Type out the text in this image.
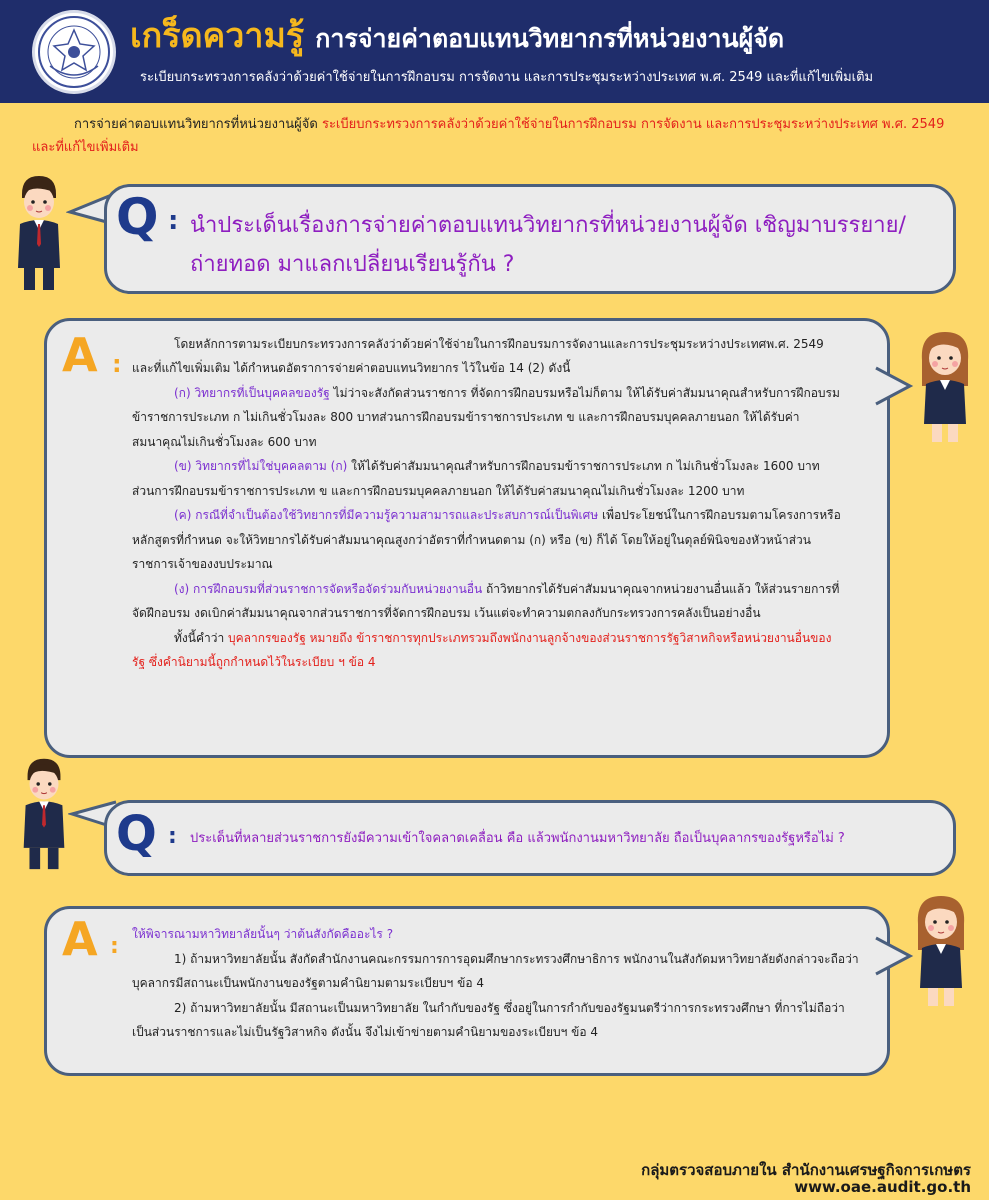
เกร็ดความรู้ การจ่ายค่าตอบแทนวิทยากรที่หน่วยงานผู้จัด
ระเบียบกระทรวงการคลังว่าด้วยค่าใช้จ่ายในการฝึกอบรม การจัดงาน และการประชุมระหว่างประเทศ พ.ศ. 2549 และที่แก้ไขเพิ่มเติม
การจ่ายค่าตอบแทนวิทยากรที่หน่วยงานผู้จัด ระเบียบกระทรวงการคลังว่าด้วยค่าใช้จ่ายในการฝึกอบรม การจัดงาน และการประชุมระหว่างประเทศ พ.ศ. 2549 และที่แก้ไขเพิ่มเติม
Q : นำประเด็นเรื่องการจ่ายค่าตอบแทนวิทยากรที่หน่วยงานผู้จัด เชิญมาบรรยาย/ถ่ายทอด มาแลกเปลี่ยนเรียนรู้กัน ?
A :

โดยหลักการตามระเบียบกระทรวงการคลังว่าด้วยค่าใช้จ่ายในการฝึกอบรมการจัดงานและการประชุมระหว่างประเทศพ.ศ. 2549 และที่แก้ไขเพิ่มเติม ได้กำหนดอัตราการจ่ายค่าตอบแทนวิทยากร ไว้ในข้อ 14 (2) ดังนี้

(ก) วิทยากรที่เป็นบุคคลของรัฐ ไม่ว่าจะสังกัดส่วนราชการ ที่จัดการฝึกอบรมหรือไม่ก็ตาม ให้ได้รับค่าสัมมนาคุณสำหรับการฝึกอบรมข้าราชการประเภท ก ไม่เกินชั่วโมงละ 800 บาทส่วนการฝึกอบรมข้าราชการประเภท ข และการฝึกอบรมบุคคลภายนอก ให้ได้รับค่าสมนาคุณไม่เกินชั่วโมงละ 600 บาท

(ข) วิทยากรที่ไม่ใช่บุคคลตาม (ก) ให้ได้รับค่าสัมมนาคุณสำหรับการฝึกอบรมข้าราชการประเภท ก ไม่เกินชั่วโมงละ 1600 บาท ส่วนการฝึกอบรมข้าราชการประเภท ข และการฝึกอบรมบุคคลภายนอก ให้ได้รับค่าสมนาคุณไม่เกินชั่วโมงละ 1200 บาท

(ค) กรณีที่จำเป็นต้องใช้วิทยากรที่มีความรู้ความสามารถและประสบการณ์เป็นพิเศษ เพื่อประโยชน์ในการฝึกอบรมตามโครงการหรือหลักสูตรที่กำหนด จะให้วิทยากรได้รับค่าสัมมนาคุณสูงกว่าอัตราที่กำหนดตาม (ก) หรือ (ข) ก็ได้ โดยให้อยู่ในดุลย์พินิจของหัวหน้าส่วนราชการเจ้าของงบประมาณ

(ง) การฝึกอบรมที่ส่วนราชการจัดหรือจัดร่วมกับหน่วยงานอื่น ถ้าวิทยากรได้รับค่าสัมมนาคุณจากหน่วยงานอื่นแล้ว ให้ส่วนรายการที่จัดฝึกอบรม งดเบิกค่าสัมมนาคุณจากส่วนราชการที่จัดการฝึกอบรม เว้นแต่จะทำความตกลงกับกระทรวงการคลังเป็นอย่างอื่น

ทั้งนี้คำว่า บุคลากรของรัฐ หมายถึง ข้าราชการทุกประเภทรวมถึงพนักงานลูกจ้างของส่วนราชการรัฐวิสาหกิจหรือหน่วยงานอื่นของรัฐ ซึ่งคำนิยามนี้ถูกกำหนดไว้ในระเบียบ ฯ ข้อ 4

Q : ประเด็นที่หลายส่วนราชการยังมีความเข้าใจคลาดเคลื่อน คือ แล้วพนักงานมหาวิทยาลัย ถือเป็นบุคลากรของรัฐหรือไม่ ?
A : ให้พิจารณามหาวิทยาลัยนั้นๆ ว่าต้นสังกัดคืออะไร ?

1) ถ้ามหาวิทยาลัยนั้น สังกัดสำนักงานคณะกรรมการการอุดมศึกษากระทรวงศึกษาธิการ พนักงานในสังกัดมหาวิทยาลัยดังกล่าวจะถือว่าบุคลากรมีสถานะเป็นพนักงานของรัฐตามคำนิยามตามระเบียบฯ ข้อ 4

2) ถ้ามหาวิทยาลัยนั้น มีสถานะเป็นมหาวิทยาลัย ในกำกับของรัฐ ซึ่งอยู่ในการกำกับของรัฐมนตรีว่าการกระทรวงศึกษา ที่การไม่ถือว่าเป็นส่วนราชการและไม่เป็นรัฐวิสาหกิจ ดังนั้น จึงไม่เข้าข่ายตามคำนิยามของระเบียบฯ ข้อ 4

กลุ่มตรวจสอบภายใน สำนักงานเศรษฐกิจการเกษตร
www.oae.audit.go.th
